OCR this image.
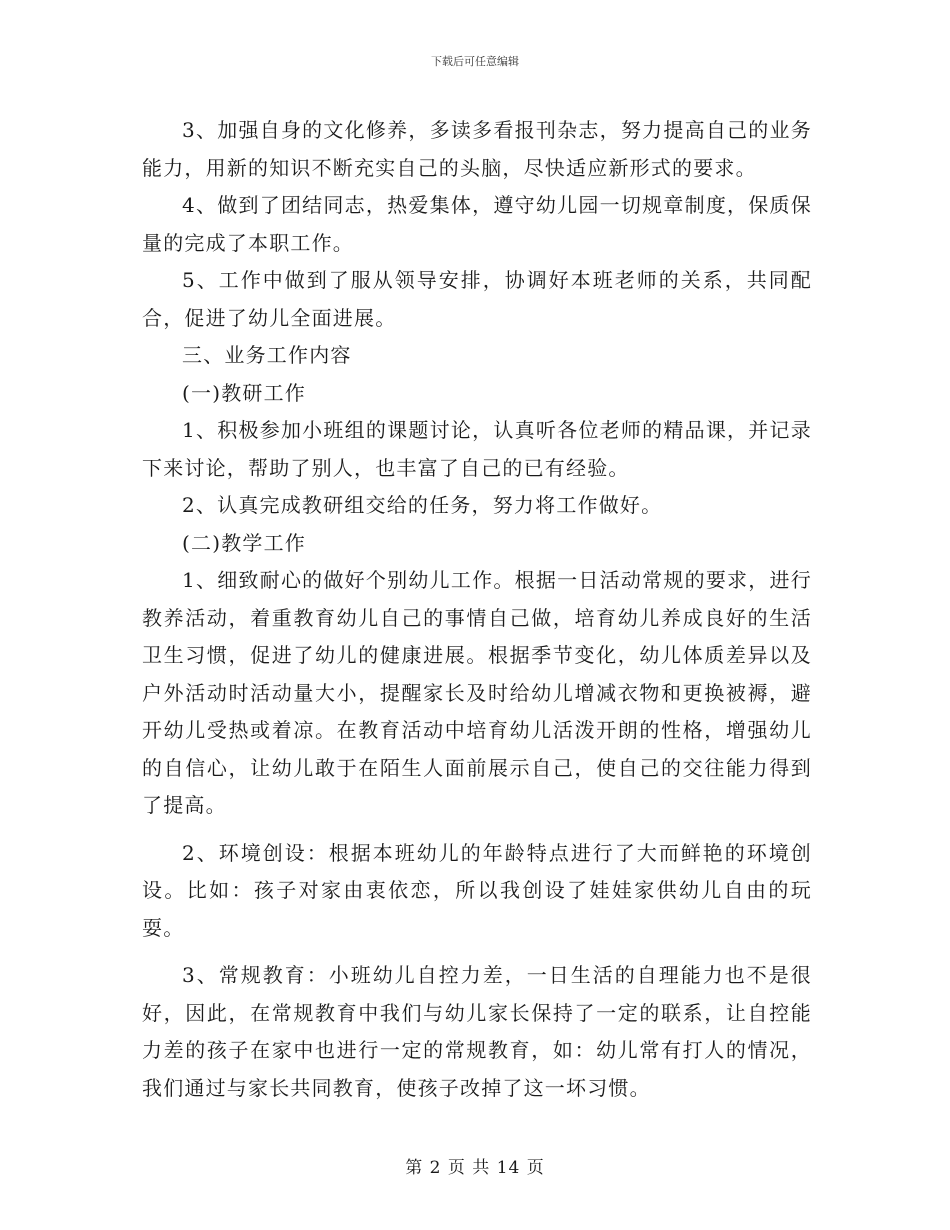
下载后可任意编辑

3、加强自身的文化修养，多读多看报刊杂志，努力提高自己的业务能力，用新的知识不断充实自己的头脑，尽快适应新形式的要求。

4、做到了团结同志，热爱集体，遵守幼儿园一切规章制度，保质保量的完成了本职工作。

5、工作中做到了服从领导安排，协调好本班老师的关系，共同配合，促进了幼儿全面进展。

三、业务工作内容

(一)教研工作

1、积极参加小班组的课题讨论，认真听各位老师的精品课，并记录下来讨论，帮助了别人，也丰富了自己的已有经验。

2、认真完成教研组交给的任务，努力将工作做好。

(二)教学工作

1、细致耐心的做好个别幼儿工作。根据一日活动常规的要求，进行教养活动，着重教育幼儿自己的事情自己做，培育幼儿养成良好的生活卫生习惯，促进了幼儿的健康进展。根据季节变化，幼儿体质差异以及户外活动时活动量大小，提醒家长及时给幼儿增减衣物和更换被褥，避开幼儿受热或着凉。在教育活动中培育幼儿活泼开朗的性格，增强幼儿的自信心，让幼儿敢于在陌生人面前展示自己，使自己的交往能力得到了提高。

2、环境创设：根据本班幼儿的年龄特点进行了大而鲜艳的环境创设。比如：孩子对家由衷依恋，所以我创设了娃娃家供幼儿自由的玩耍。

3、常规教育：小班幼儿自控力差，一日生活的自理能力也不是很好，因此，在常规教育中我们与幼儿家长保持了一定的联系，让自控能力差的孩子在家中也进行一定的常规教育，如：幼儿常有打人的情况，我们通过与家长共同教育，使孩子改掉了这一坏习惯。

第 2 页 共 14 页
